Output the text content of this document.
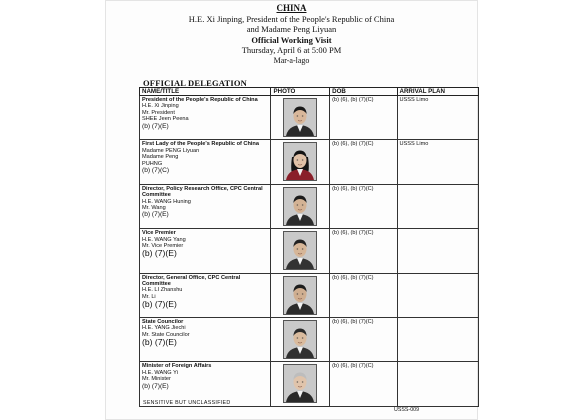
CHINA
H.E. Xi Jinping, President of the People's Republic of China
and Madame Peng Liyuan
Official Working Visit
Thursday, April 6 at 5:00 PM
Mar-a-lago
OFFICIAL DELEGATION
NAME/TITLE	PHOTO	DOB	ARRIVAL PLAN

President of the People's Republic of China
H.E. Xi Jinping
Mr. President
SHEE Jeen Peena
(b) (7)(E)		(b) (6), (b) (7)(C)	USSS Limo

First Lady of the People's Republic of China
Madame PENG Liyuan
Madame Peng
PUHNG
(b) (7)(C)		(b) (6), (b) (7)(C)	USSS Limo

Director, Policy Research Office, CPC Central Committee
H.E. WANG Huning
Mr. Wang
(b) (7)(E)		(b) (6), (b) (7)(C)	

Vice Premier
H.E. WANG Yang
Mr. Vice Premier
(b) (7)(E)		(b) (6), (b) (7)(C)	

Director, General Office, CPC Central Committee
H.E. LI Zhanshu
Mr. Li
(b) (7)(E)		(b) (6), (b) (7)(C)	

State Councilor
H.E. YANG Jiechi
Mr. State Councilor
(b) (7)(E)		(b) (6), (b) (7)(C)	

Minister of Foreign Affairs
H.E. WANG Yi
Mr. Minister
(b) (7)(E)		(b) (6), (b) (7)(C)	
SENSITIVE BUT UNCLASSIFIED
USSS-009
